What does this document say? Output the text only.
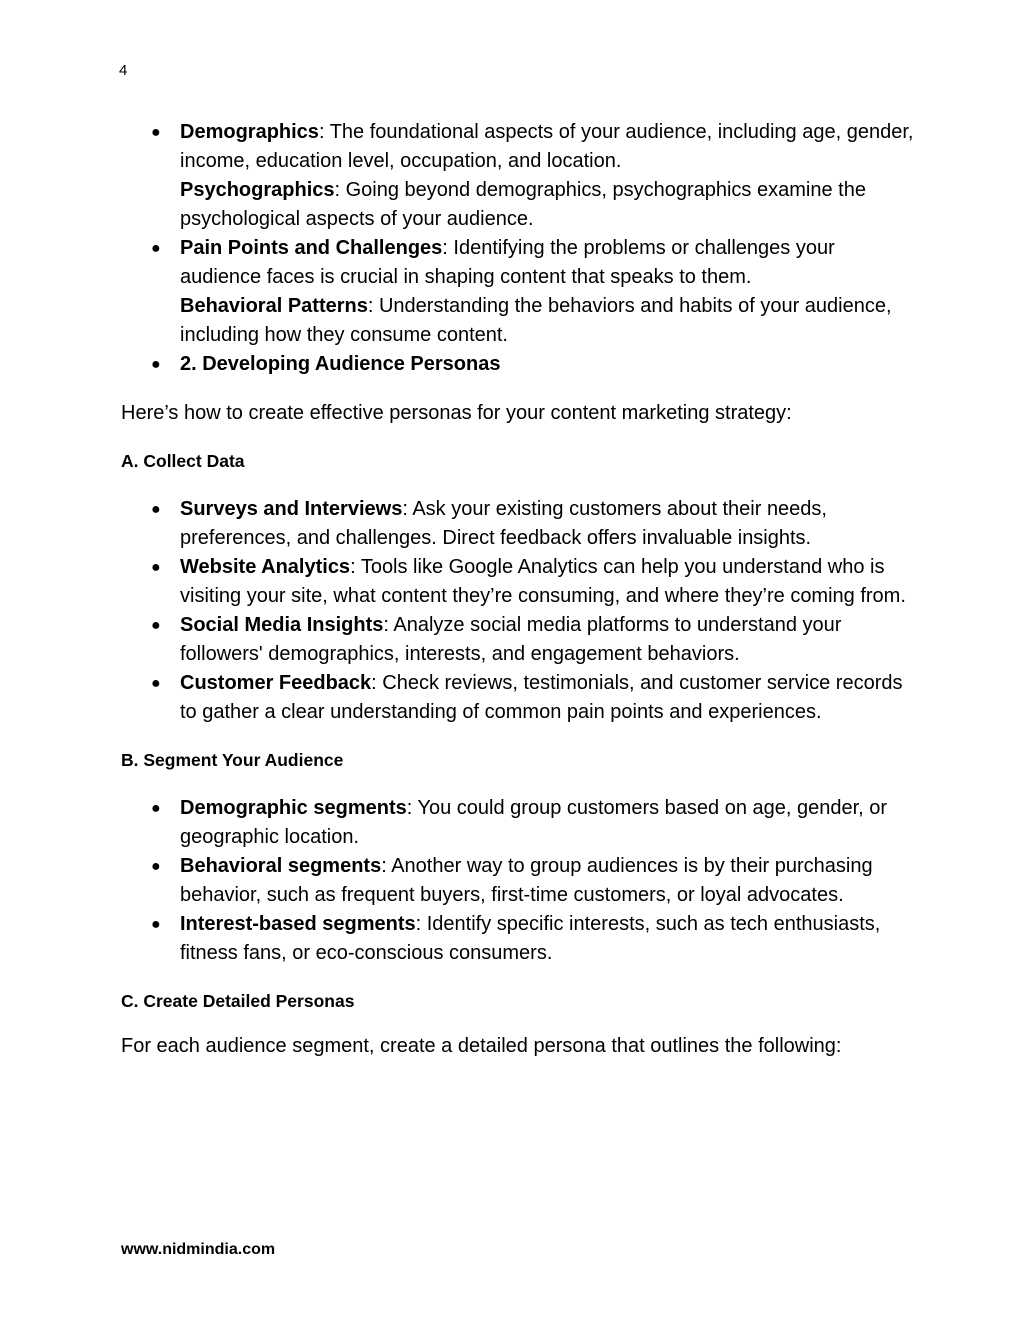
4
● Demographics: The foundational aspects of your audience, including age, gender, income, education level, occupation, and location.
Psychographics: Going beyond demographics, psychographics examine the psychological aspects of your audience.
● Pain Points and Challenges: Identifying the problems or challenges your audience faces is crucial in shaping content that speaks to them.
Behavioral Patterns: Understanding the behaviors and habits of your audience, including how they consume content.
● 2. Developing Audience Personas

Here’s how to create effective personas for your content marketing strategy:

A. Collect Data
● Surveys and Interviews: Ask your existing customers about their needs, preferences, and challenges. Direct feedback offers invaluable insights.
● Website Analytics: Tools like Google Analytics can help you understand who is visiting your site, what content they’re consuming, and where they’re coming from.
● Social Media Insights: Analyze social media platforms to understand your followers' demographics, interests, and engagement behaviors.
● Customer Feedback: Check reviews, testimonials, and customer service records to gather a clear understanding of common pain points and experiences.
B. Segment Your Audience
● Demographic segments: You could group customers based on age, gender, or geographic location.
● Behavioral segments: Another way to group audiences is by their purchasing behavior, such as frequent buyers, first-time customers, or loyal advocates.
● Interest-based segments: Identify specific interests, such as tech enthusiasts, fitness fans, or eco-conscious consumers.
C. Create Detailed Personas

For each audience segment, create a detailed persona that outlines the following:

www.nidmindia.com
